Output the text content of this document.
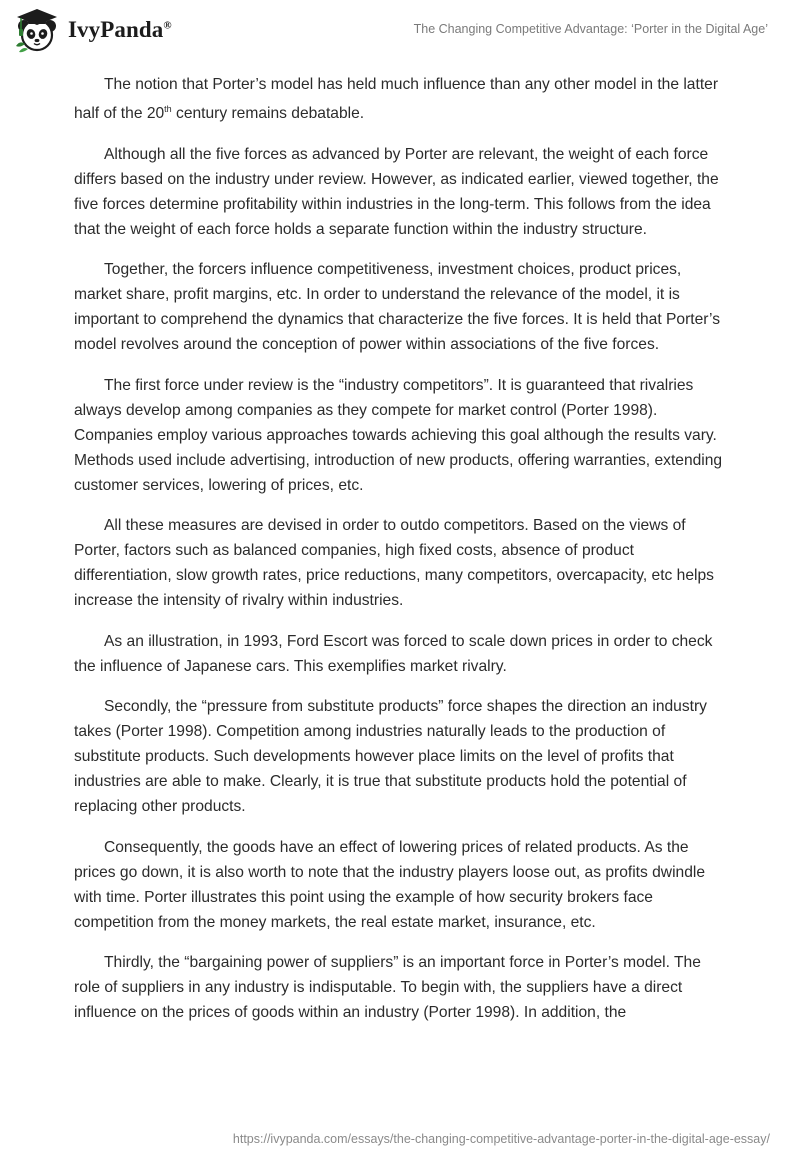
IvyPanda®	The Changing Competitive Advantage: ‘Porter in the Digital Age’

The notion that Porter’s model has held much influence than any other model in the latter half of the 20th century remains debatable.

Although all the five forces as advanced by Porter are relevant, the weight of each force differs based on the industry under review. However, as indicated earlier, viewed together, the five forces determine profitability within industries in the long-term. This follows from the idea that the weight of each force holds a separate function within the industry structure.

Together, the forcers influence competitiveness, investment choices, product prices, market share, profit margins, etc. In order to understand the relevance of the model, it is important to comprehend the dynamics that characterize the five forces. It is held that Porter’s model revolves around the conception of power within associations of the five forces.

The first force under review is the “industry competitors”. It is guaranteed that rivalries always develop among companies as they compete for market control (Porter 1998). Companies employ various approaches towards achieving this goal although the results vary. Methods used include advertising, introduction of new products, offering warranties, extending customer services, lowering of prices, etc.

All these measures are devised in order to outdo competitors. Based on the views of Porter, factors such as balanced companies, high fixed costs, absence of product differentiation, slow growth rates, price reductions, many competitors, overcapacity, etc helps increase the intensity of rivalry within industries.

As an illustration, in 1993, Ford Escort was forced to scale down prices in order to check the influence of Japanese cars. This exemplifies market rivalry.

Secondly, the “pressure from substitute products” force shapes the direction an industry takes (Porter 1998). Competition among industries naturally leads to the production of substitute products. Such developments however place limits on the level of profits that industries are able to make. Clearly, it is true that substitute products hold the potential of replacing other products.

Consequently, the goods have an effect of lowering prices of related products. As the prices go down, it is also worth to note that the industry players loose out, as profits dwindle with time. Porter illustrates this point using the example of how security brokers face competition from the money markets, the real estate market, insurance, etc.

Thirdly, the “bargaining power of suppliers” is an important force in Porter’s model. The role of suppliers in any industry is indisputable. To begin with, the suppliers have a direct influence on the prices of goods within an industry (Porter 1998). In addition, the

https://ivypanda.com/essays/the-changing-competitive-advantage-porter-in-the-digital-age-essay/
